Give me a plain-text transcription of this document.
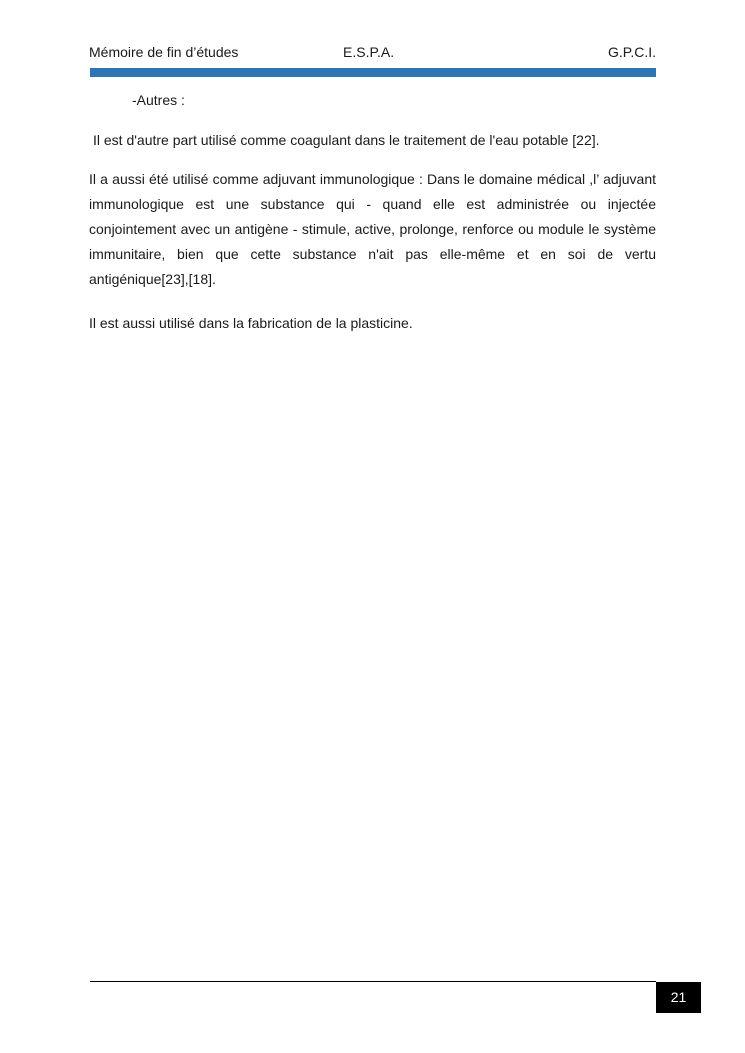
Mémoire de fin d’études	E.S.P.A.	G.P.C.I.

-Autres :

Il est d'autre part utilisé comme coagulant dans le traitement de l'eau potable [22].

Il a aussi été utilisé comme adjuvant immunologique : Dans le domaine médical ,l’ adjuvant immunologique est une substance qui - quand elle est administrée ou injectée conjointement avec un antigène - stimule, active, prolonge, renforce ou module le système immunitaire, bien que cette substance n'ait pas elle-même et en soi de vertu antigénique[23],[18].

Il est aussi utilisé dans la fabrication de la plasticine.

21
